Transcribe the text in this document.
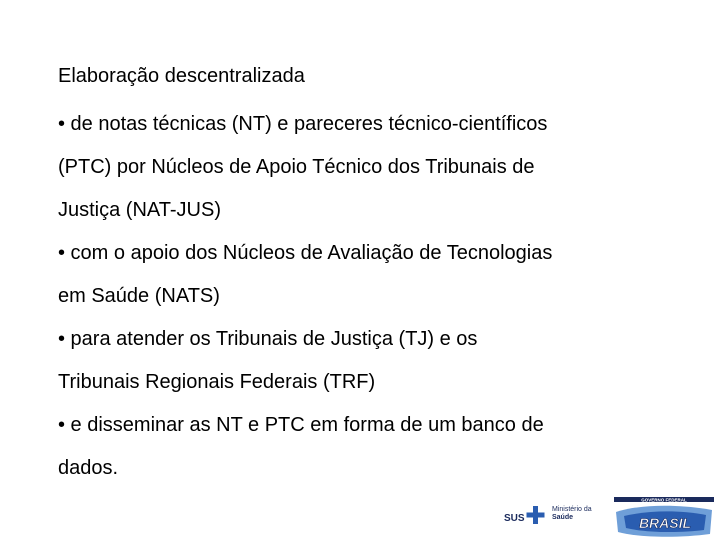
Elaboração descentralizada

• de notas técnicas (NT) e pareceres técnico-científicos
(PTC) por Núcleos de Apoio Técnico dos Tribunais de
Justiça (NAT-JUS)

• com o apoio dos Núcleos de Avaliação de Tecnologias
em Saúde (NATS)

• para atender os Tribunais de Justiça (TJ) e os
Tribunais Regionais Federais (TRF)

• e disseminar as NT e PTC em forma de um banco de
dados.

SUS
Ministério da
Saúde
GOVERNO FEDERAL
BRASIL
